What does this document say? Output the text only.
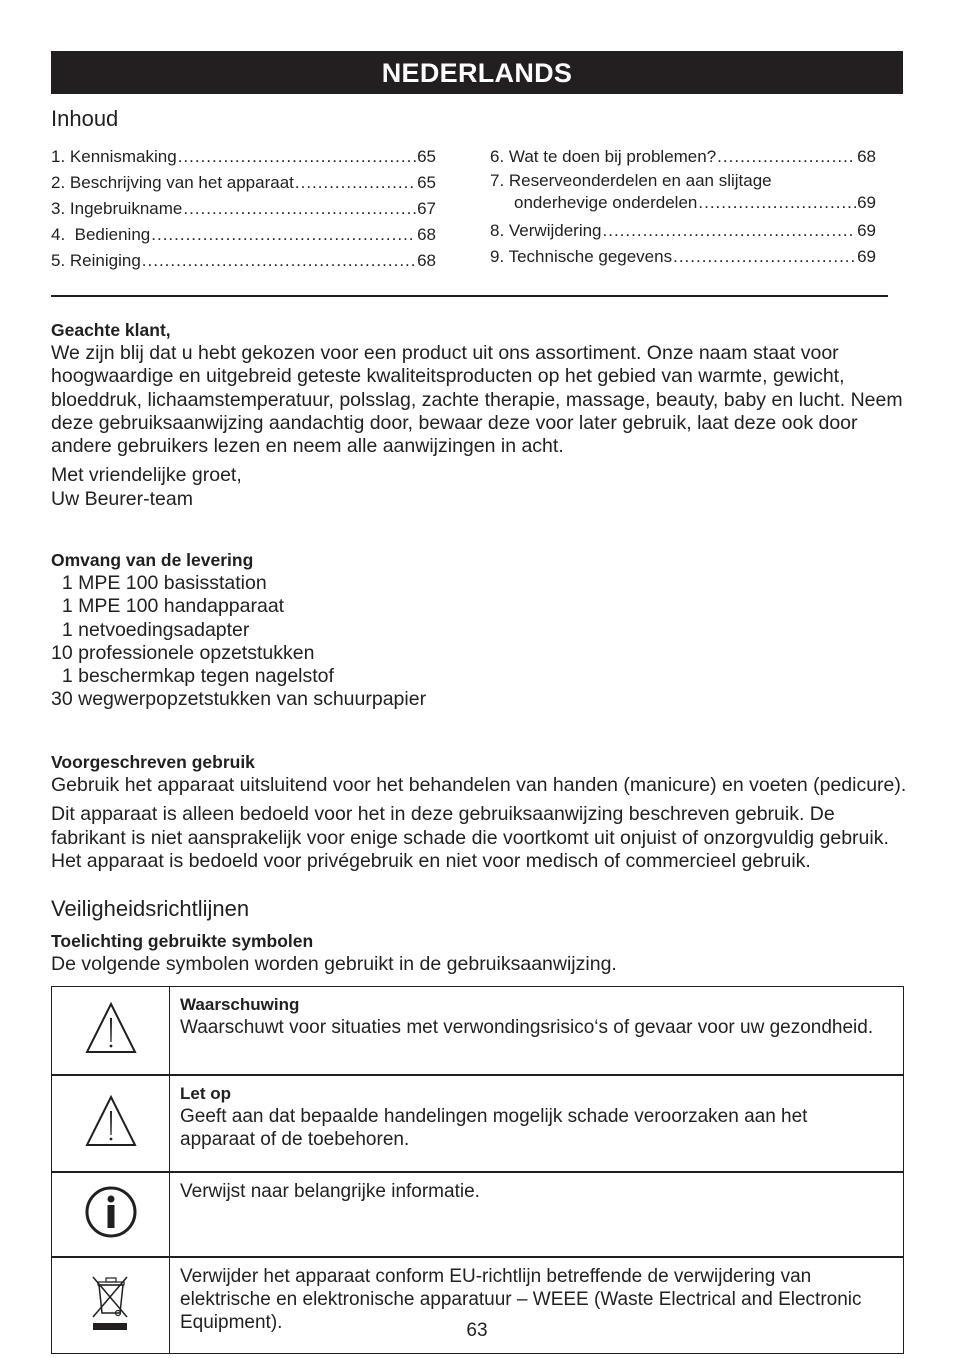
NEDERLANDS
Inhoud
1. Kennismaking .....	65
2. Beschrijving van het apparaat .....	65
3. Ingebruikname .....	67
4.  Bediening .....	68
5. Reiniging .....	68
6. Wat te doen bij problemen? .....	68
7. Reserveonderdelen en aan slijtage
onderhevige onderdelen .....	69
8. Verwijdering .....	69
9. Technische gegevens .....	69
Geachte klant,

We zijn blij dat u hebt gekozen voor een product uit ons assortiment. Onze naam staat voor hoogwaardige en uitgebreid geteste kwaliteitsproducten op het gebied van warmte, gewicht, bloeddruk, lichaamstemperatuur, polsslag, zachte therapie, massage, beauty, baby en lucht. Neem deze gebruiksaanwijzing aandachtig door, bewaar deze voor later gebruik, laat deze ook door andere gebruikers lezen en neem alle aanwijzingen in acht.

Met vriendelijke groet,
Uw Beurer-team

Omvang van de levering
1 MPE 100 basisstation
1 MPE 100 handapparaat
1 netvoedingsadapter
10 professionele opzetstukken
1 beschermkap tegen nagelstof
30 wegwerpopzetstukken van schuurpapier
Voorgeschreven gebruik

Gebruik het apparaat uitsluitend voor het behandelen van handen (manicure) en voeten (pedicure).

Dit apparaat is alleen bedoeld voor het in deze gebruiksaanwijzing beschreven gebruik. De fabrikant is niet aansprakelijk voor enige schade die voortkomt uit onjuist of onzorgvuldig gebruik. Het apparaat is bedoeld voor privégebruik en niet voor medisch of commercieel gebruik.

Veiligheidsrichtlijnen
Toelichting gebruikte symbolen

De volgende symbolen worden gebruikt in de gebruiksaanwijzing.

Waarschuwing
Waarschuwt voor situaties met verwondingsrisico‘s of gevaar voor uw gezondheid.

Let op
Geeft aan dat bepaalde handelingen mogelijk schade veroorzaken aan het apparaat of de toebehoren.

Verwijst naar belangrijke informatie.

Verwijder het apparaat conform EU-richtlijn betreffende de verwijdering van elektrische en elektronische apparatuur – WEEE (Waste Electrical and Electronic Equipment).	63
